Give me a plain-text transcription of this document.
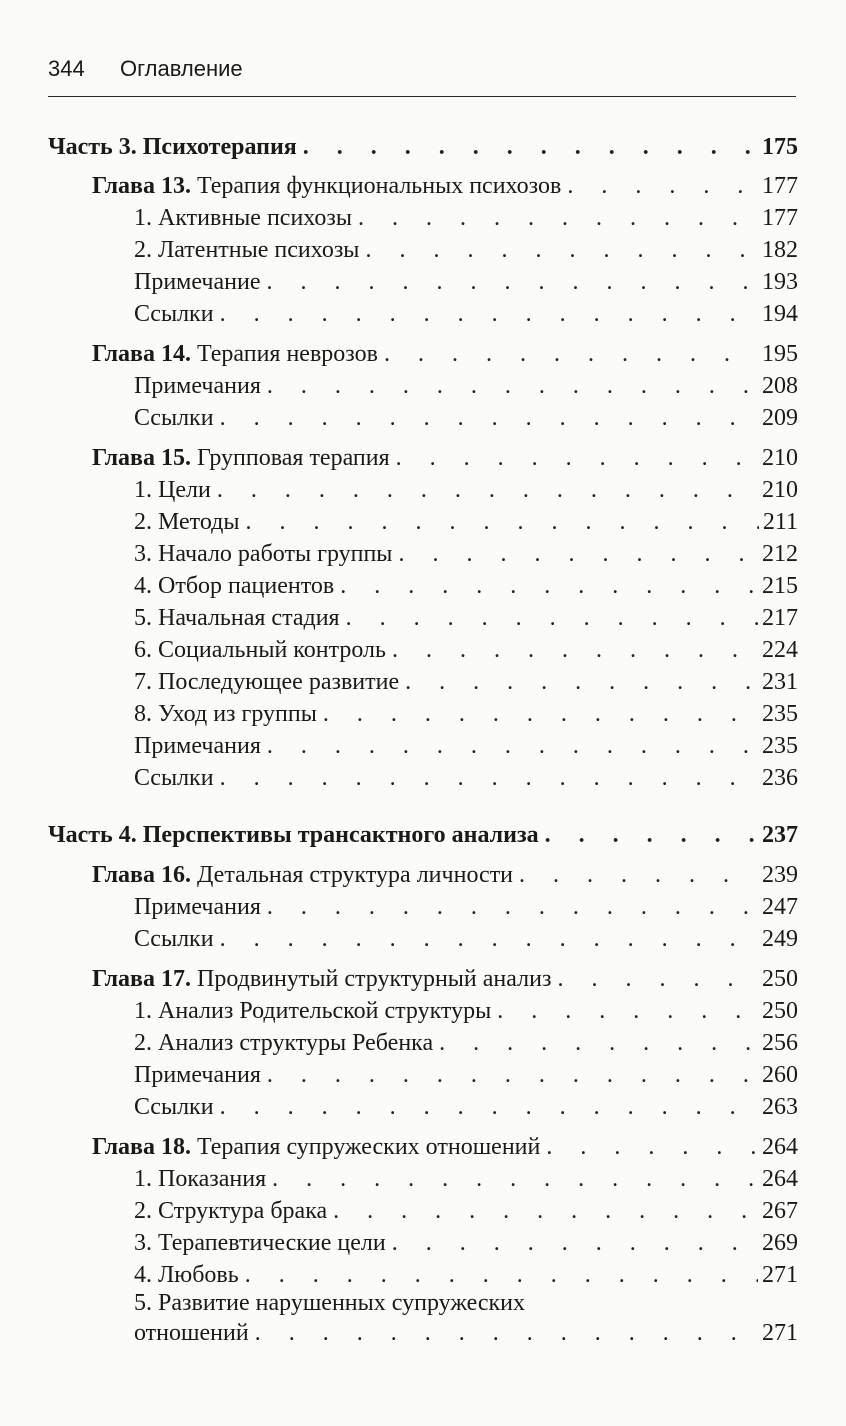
344 Оглавление
Часть 3. Психотерапия . . .	175
Глава 13. Терапия функциональных психозов . . .	177
1. Активные психозы . . .	177
2. Латентные психозы . . .	182
Примечание . . .	193
Ссылки . . .	194
Глава 14. Терапия неврозов . . .	195
Примечания . . .	208
Ссылки . . .	209
Глава 15. Групповая терапия . . .	210
1. Цели . . .	210
2. Методы . . .	211
3. Начало работы группы . . .	212
4. Отбор пациентов . . .	215
5. Начальная стадия . . .	217
6. Социальный контроль . . .	224
7. Последующее развитие . . .	231
8. Уход из группы . . .	235
Примечания . . .	235
Ссылки . . .	236
Часть 4. Перспективы трансактного анализа . . .	237
Глава 16. Детальная структура личности . . .	239
Примечания . . .	247
Ссылки . . .	249
Глава 17. Продвинутый структурный анализ . . .	250
1. Анализ Родительской структуры . . .	250
2. Анализ структуры Ребенка . . .	256
Примечания . . .	260
Ссылки . . .	263
Глава 18. Терапия супружеских отношений . . .	264
1. Показания . . .	264
2. Структура брака . . .	267
3. Терапевтические цели . . .	269
4. Любовь . . .	271
5. Развитие нарушенных супружеских
отношений . . .	271
